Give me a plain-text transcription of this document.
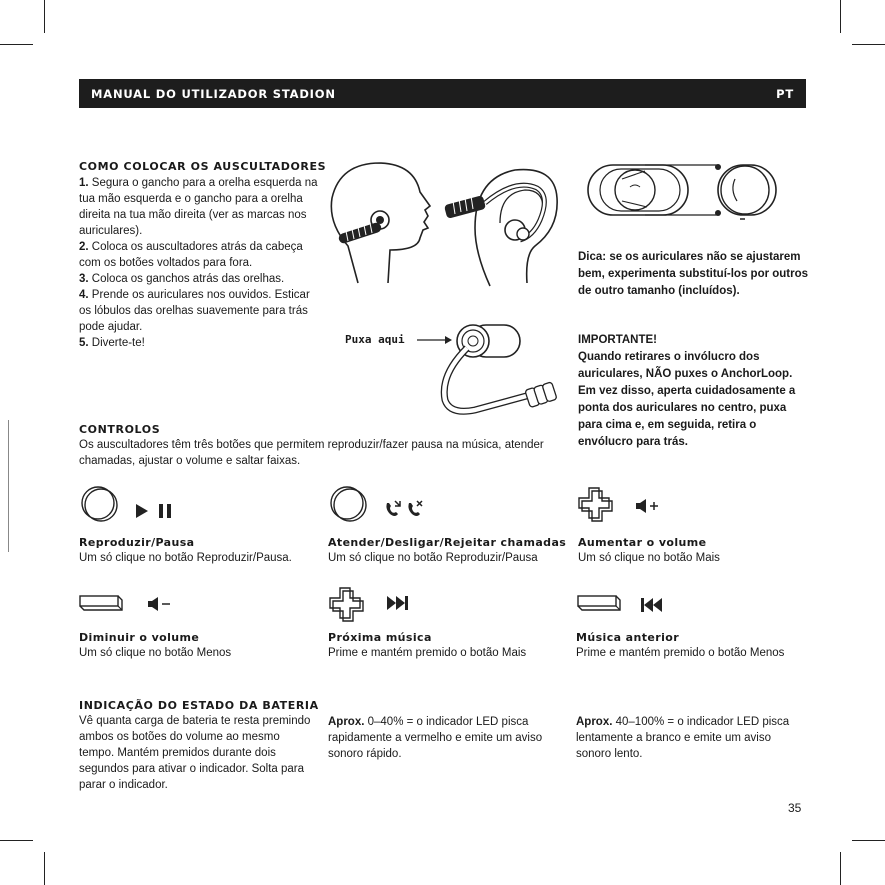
MANUAL DO UTILIZADOR STADION	PT
COMO COLOCAR OS AUSCULTADORES
1. Segura o gancho para a orelha esquerda na tua mão esquerda e o gancho para a orelha direita na tua mão direita (ver as marcas nos auriculares).
2. Coloca os auscultadores atrás da cabeça com os botões voltados para fora.
3. Coloca os ganchos atrás das orelhas.
4. Prende os auriculares nos ouvidos. Esticar os lóbulos das orelhas suavemente para trás pode ajudar.
5. Diverte-te!
Dica: se os auriculares não se ajustarem bem, experimenta substituí-los por outros de outro tamanho (incluídos).
Puxa aqui	IMPORTANTE!
Quando retirares o invólucro dos auriculares, NÃO puxes o AnchorLoop. Em vez disso, aperta cuidadosamente a ponta dos auriculares no centro, puxa para cima e, em seguida, retira o envólucro para trás.
CONTROLOS
Os auscultadores têm três botões que permitem reproduzir/fazer pausa na música, atender chamadas, ajustar o volume e saltar faixas.
Reproduzir/Pausa
Um só clique no botão Reproduzir/Pausa.
Atender/Desligar/Rejeitar chamadas
Um só clique no botão Reproduzir/Pausa
Aumentar o volume
Um só clique no botão Mais
Diminuir o volume
Um só clique no botão Menos
Próxima música
Prime e mantém premido o botão Mais
Música anterior
Prime e mantém premido o botão Menos
INDICAÇÃO DO ESTADO DA BATERIA
Vê quanta carga de bateria te resta premindo ambos os botões do volume ao mesmo tempo. Mantém premidos durante dois segundos para ativar o indicador. Solta para parar o indicador.
Aprox. 0–40% = o indicador LED pisca rapidamente a vermelho e emite um aviso sonoro rápido.
Aprox. 40–100% = o indicador LED pisca lentamente a branco e emite um aviso sonoro lento.
35
